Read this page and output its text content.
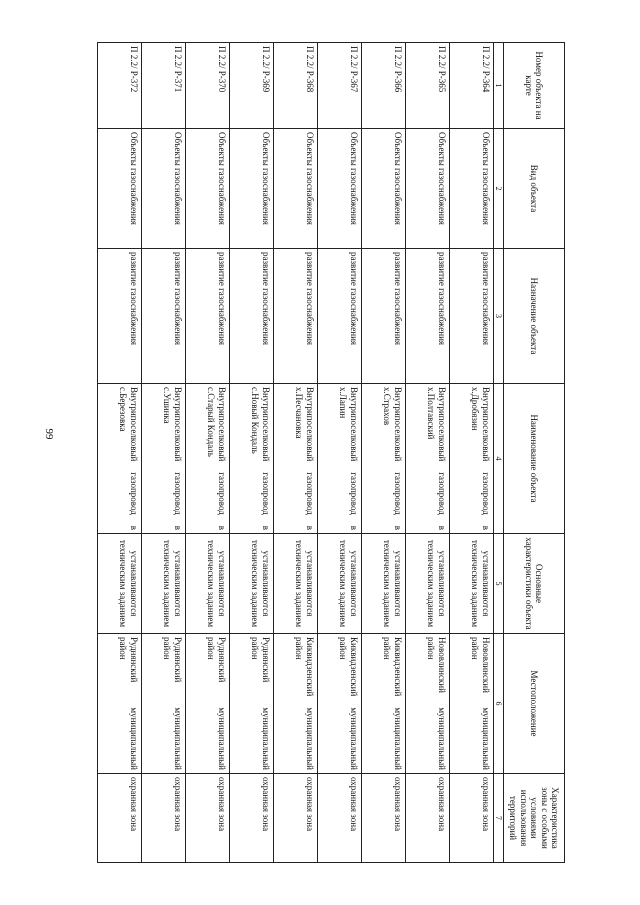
99
Номер объекта на карте	Вид объекта	Назначение объекта	Наименование объекта	Основные характеристики объекта	Местоположение	Характеристика зоны с особыми условиями использования территорий
1	2	3	4	5	6	7
П 2.2/ Р-364	Объекты газоснабжения	развитие газоснабжения	Внутрипоселковый газопровод в х.Дробязин	устанавливаются техническим заданием	Нововлинский муниципальный район	охранная зона
П 2.2/ Р-365	Объекты газоснабжения	развитие газоснабжения	Внутрипоселковый газопровод в х.Полтавский	устанавливаются техническим заданием	Нововлинский муниципальный район	охранная зона
П 2.2/ Р-366	Объекты газоснабжения	развитие газоснабжения	Внутрипоселковый газопровод в х.Страхов	устанавливаются техническим заданием	Киквидзенский муниципальный район	охранная зона
П 2.2/ Р-367	Объекты газоснабжения	развитие газоснабжения	Внутрипоселковый газопровод в х.Лапин	устанавливаются техническим заданием	Киквидзенский муниципальный район	охранная зона
П 2.2/ Р-368	Объекты газоснабжения	развитие газоснабжения	Внутрипоселковый газопровод в х.Песчановка	устанавливаются техническим заданием	Киквидзенский муниципальный район	охранная зона
П 2.2/ Р-369	Объекты газоснабжения	развитие газоснабжения	Внутрипоселковый газопровод в с.Новый Кондаль	устанавливаются техническим заданием	Руднянский муниципальный район	охранная зона
П 2.2/ Р-370	Объекты газоснабжения	развитие газоснабжения	Внутрипоселковый газопровод в с.Старый Кондаль	устанавливаются техническим заданием	Руднянский муниципальный район	охранная зона
П 2.2/ Р-371	Объекты газоснабжения	развитие газоснабжения	Внутрипоселковый газопровод в с.Ушинка	устанавливаются техническим заданием	Руднянский муниципальный район	охранная зона
П 2.2/ Р-372	Объекты газоснабжения	развитие газоснабжения	Внутрипоселковый газопровод в с.Березовка	устанавливаются техническим заданием	Руднянский муниципальный район	охранная зона
